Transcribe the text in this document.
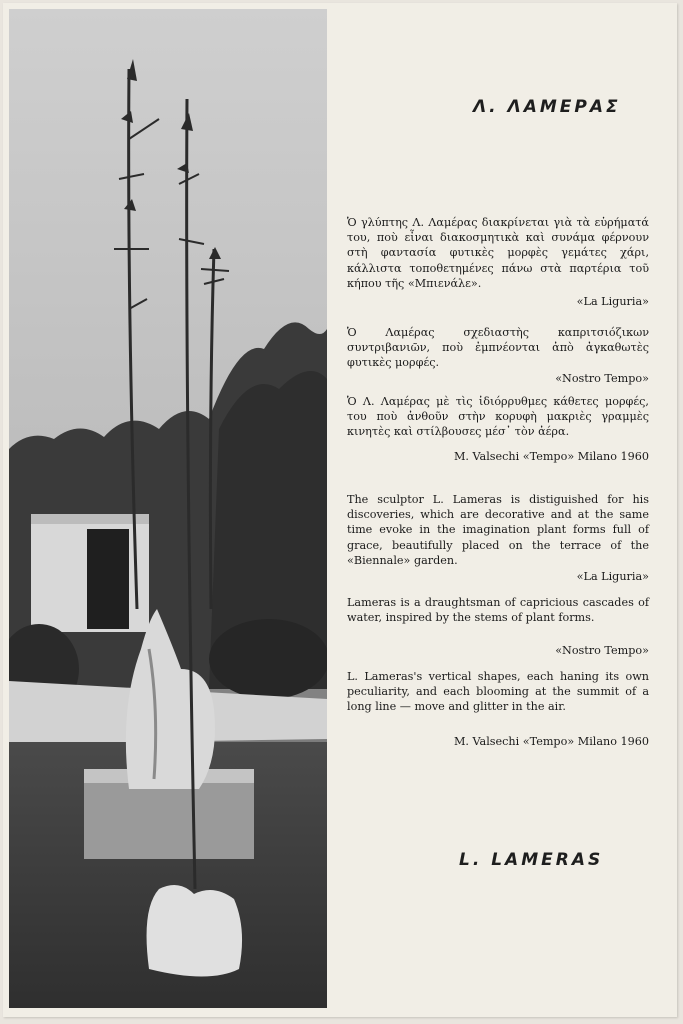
Λ. ΛΑΜΕΡΑΣ
Ὁ γλύπτης Λ. Λαμέρας διακρίνεται γιὰ τὰ εὑρήματά του, ποὺ εἶναι διακοσμητικὰ καὶ συνάμα φέρνουν στὴ φαντασία φυτικὲς μορφὲς γεμάτες χάρι, κάλλιστα τοποθετημένες πάνω στὰ παρτέρια τοῦ κήπου τῆς «Μπιενάλε».
«La Liguria»
Ὁ Λαμέρας σχεδιαστὴς καπριτσιόζικων συντριβανιῶν, ποὺ ἐμπνέονται ἀπὸ ἀγκαθωτὲς φυτικὲς μορφές.
«Nostro Tempo»
Ὁ Λ. Λαμέρας μὲ τὶς ἰδιόρρυθμες κάθετες μορφές, του ποὺ ἀνθοῦν στὴν κορυφὴ μακριὲς γραμμὲς κινητὲς καὶ στίλβουσες μέσ᾽ τὸν ἀέρα.
M. Valsechi «Tempo» Milano 1960
The sculptor L. Lameras is distiguished for his discoveries, which are decorative and at the same time evoke in the imagination plant forms full of grace, beautifully placed on the terrace of the «Biennale» garden.
«La Liguria»
Lameras is a draughtsman of capricious cascades of water, inspired by the stems of plant forms.
«Nostro Tempo»
L. Lameras's vertical shapes, each haning its own peculiarity, and each blooming at the summit of a long line — move and glitter in the air.
M. Valsechi «Tempo» Milano 1960
L. LAMERAS
